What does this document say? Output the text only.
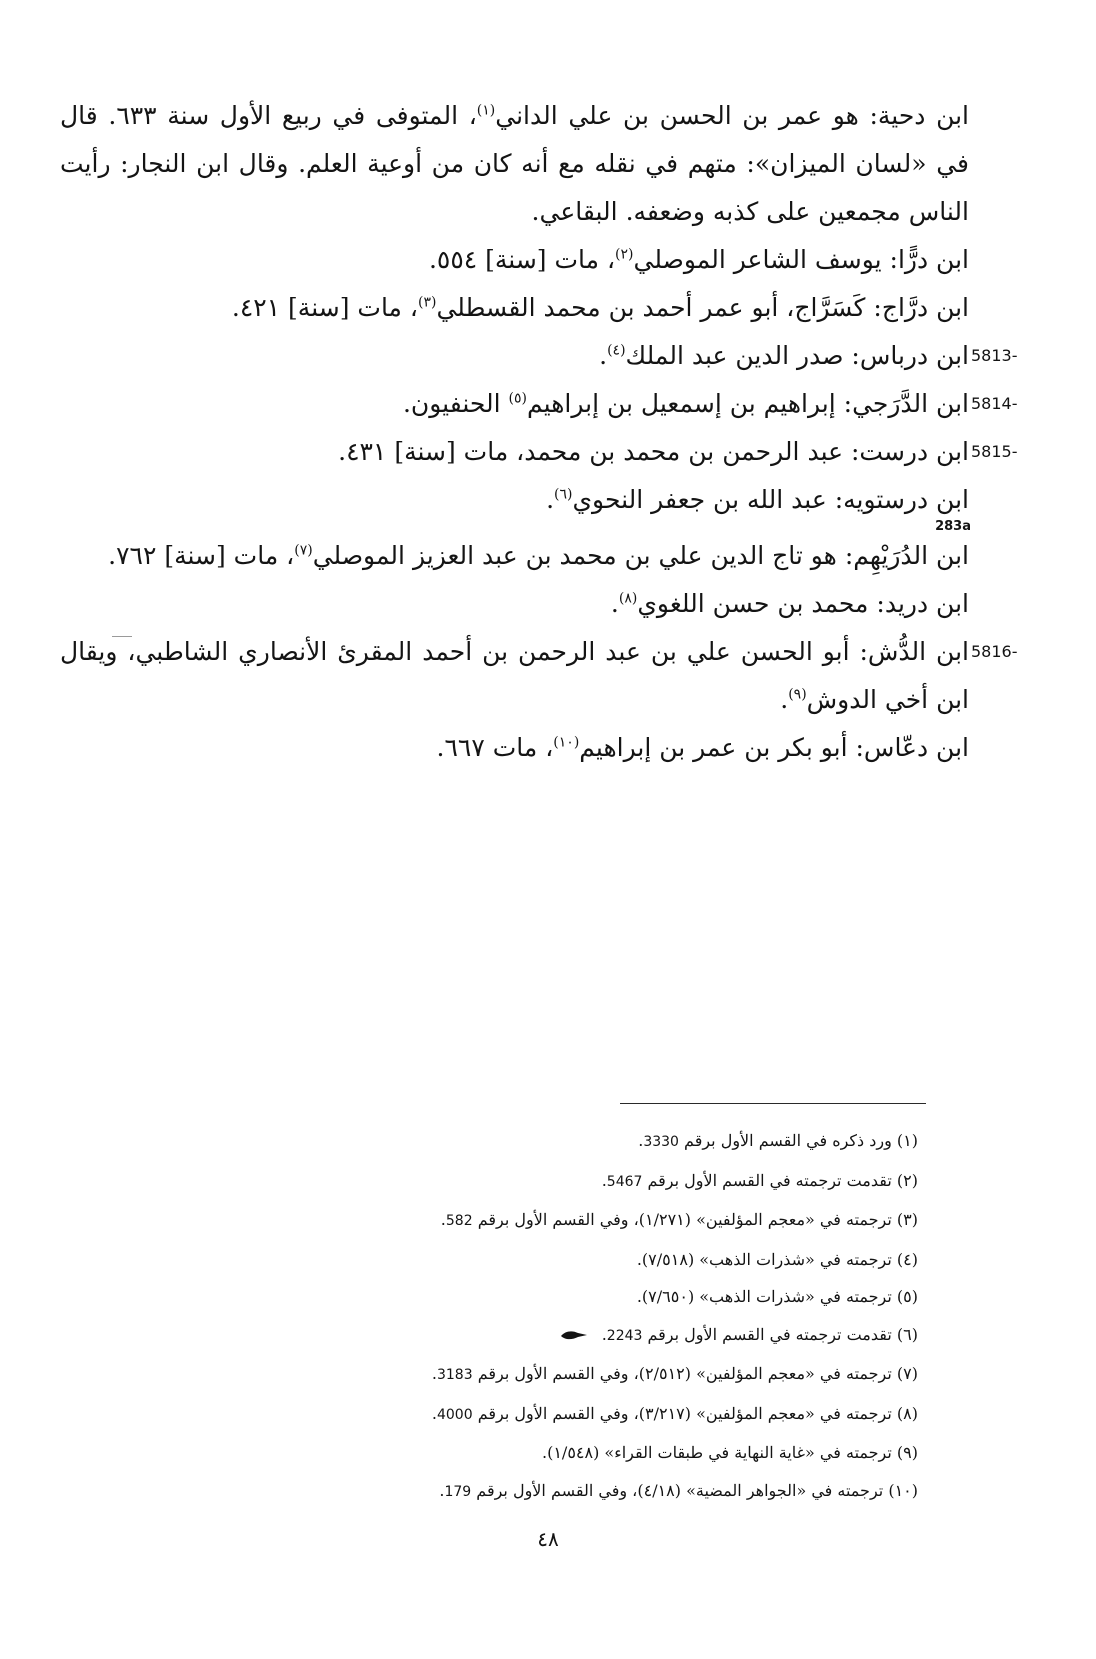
ابن دحية: هو عمر بن الحسن بن علي الداني$^{(١)}$، المتوفى في ربيع الأول سنة ٦٣٣. قال في «لسان الميزان»: متهم في نقله مع أنه كان من أوعية العلم. وقال ابن النجار: رأيت الناس مجمعين على كذبه وضعفه. البقاعي.
ابن درًّا: يوسف الشاعر الموصلي$^{(٢)}$، مات [سنة] ٥٥٤.
ابن درَّاج: كَسَرَّاج، أبو عمر أحمد بن محمد القسطلي$^{(٣)}$، مات [سنة] ٤٢١.
5813-
ابن درباس: صدر الدين عبد الملك$^{(٤)}$.
5814-
ابن الدَّرَجي: إبراهيم بن إسمعيل بن إبراهيم$^{(٥)}$ الحنفيون.
5815-
ابن درست: عبد الرحمن بن محمد بن محمد، مات [سنة] ٤٣١.
ابن درستويه: عبد الله بن جعفر النحوي$^{(٦)}$.
283a
ابن الدُرَيْهِم: هو تاج الدين علي بن محمد بن عبد العزيز الموصلي$^{(٧)}$، مات [سنة] ٧٦٢.
ابن دريد: محمد بن حسن اللغوي$^{(٨)}$.
5816-
ابن الدُّش: أبو الحسن علي بن عبد الرحمن بن أحمد المقرئ الأنصاري الشاطبي، ويقال ابن أخي الدوش$^{(٩)}$.
ابن دعّاس: أبو بكر بن عمر بن إبراهيم$^{(١٠)}$، مات ٦٦٧.

(١) ورد ذكره في القسم الأول برقم 3330.

(٢) تقدمت ترجمته في القسم الأول برقم 5467.

(٣) ترجمته في «معجم المؤلفين» (١/٢٧١)، وفي القسم الأول برقم 582.

(٤) ترجمته في «شذرات الذهب» (٧/٥١٨).

(٥) ترجمته في «شذرات الذهب» (٧/٦٥٠).

(٦) تقدمت ترجمته في القسم الأول برقم 2243.

(٧) ترجمته في «معجم المؤلفين» (٢/٥١٢)، وفي القسم الأول برقم 3183.

(٨) ترجمته في «معجم المؤلفين» (٣/٢١٧)، وفي القسم الأول برقم 4000.

(٩) ترجمته في «غاية النهاية في طبقات القراء» (١/٥٤٨).

(١٠) ترجمته في «الجواهر المضية» (٤/١٨)، وفي القسم الأول برقم 179.

٤٨
